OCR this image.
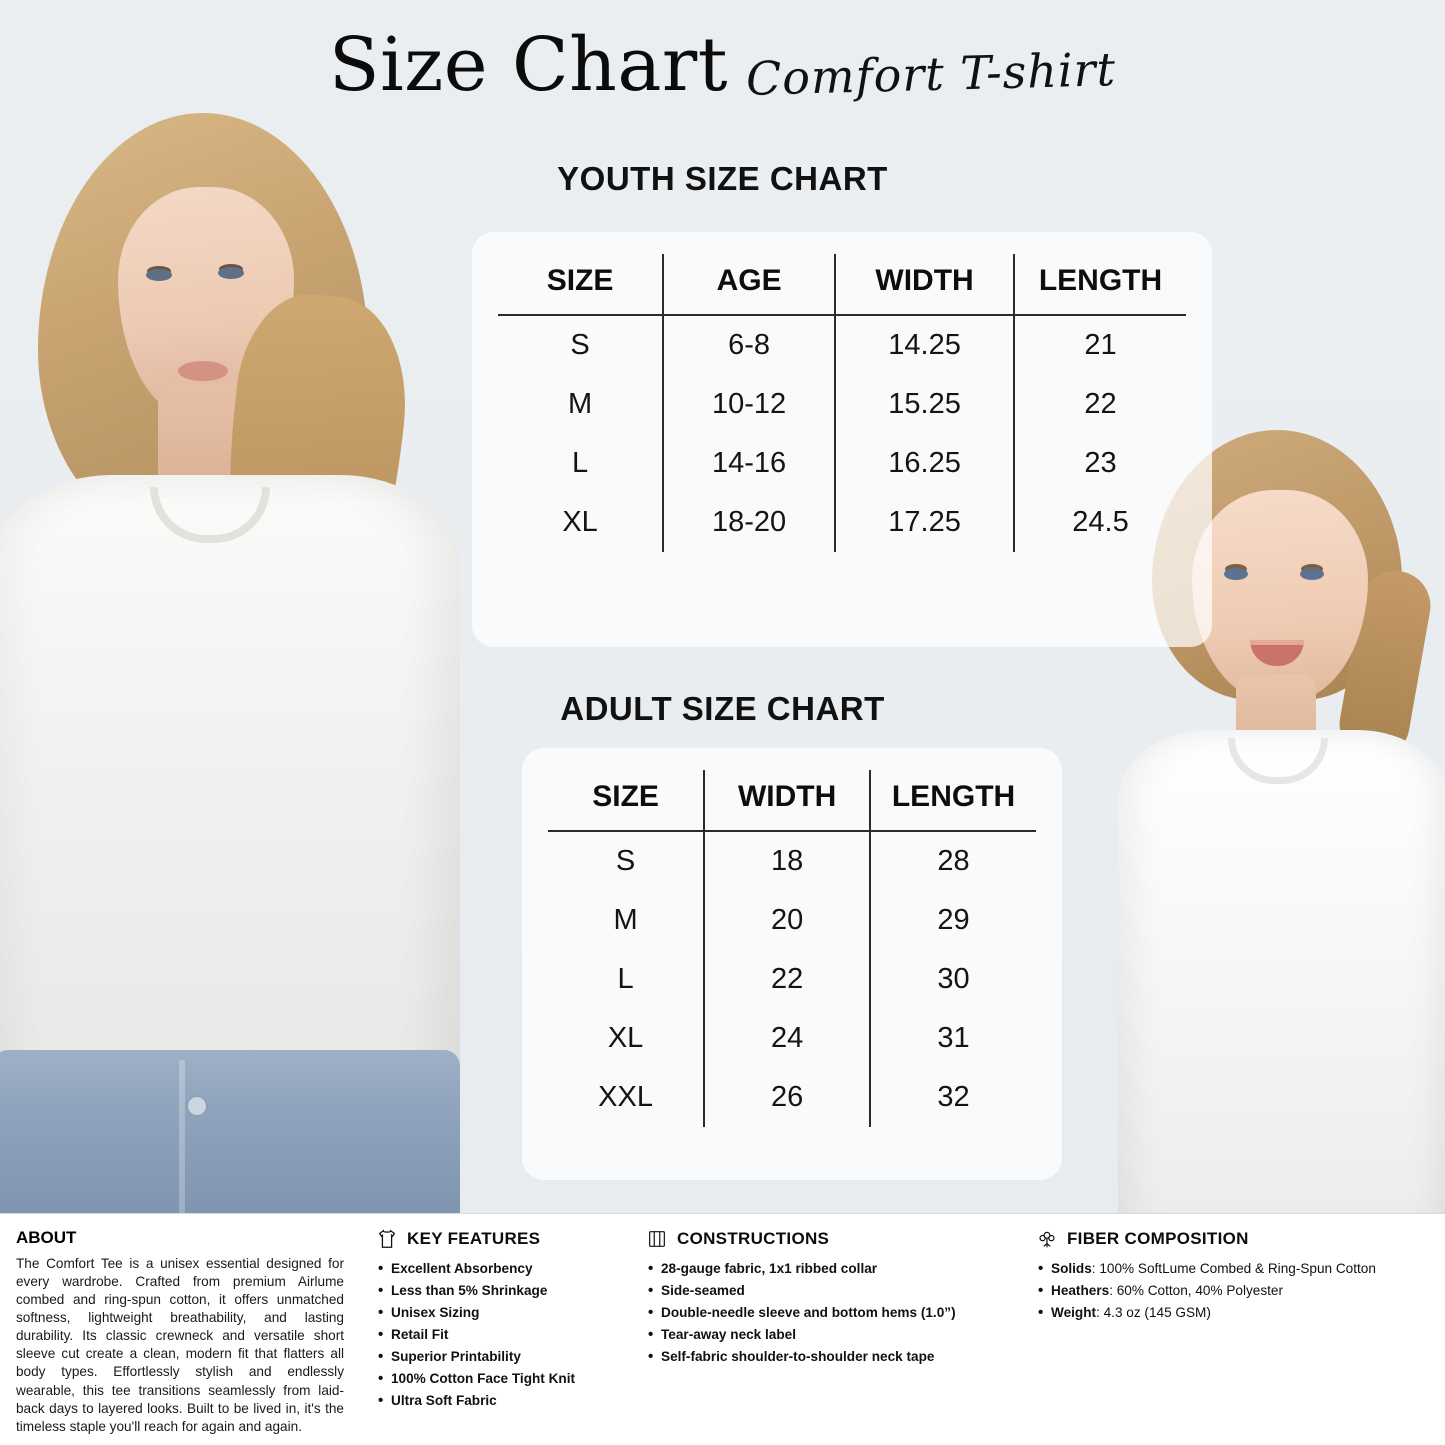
Size Chart Comfort T-shirt
YOUTH SIZE CHART
SIZE	AGE	WIDTH	LENGTH
S	6-8	14.25	21
M	10-12	15.25	22
L	14-16	16.25	23
XL	18-20	17.25	24.5
ADULT SIZE CHART
SIZE	WIDTH	LENGTH
S	18	28
M	20	29
L	22	30
XL	24	31
XXL	26	32
ABOUT
The Comfort Tee is a unisex essential designed for every wardrobe. Crafted from premium Airlume combed and ring-spun cotton, it offers unmatched softness, lightweight breathability, and lasting durability. Its classic crewneck and versatile short sleeve cut create a clean, modern fit that flatters all body types. Effortlessly stylish and endlessly wearable, this tee transitions seamlessly from laid-back days to layered looks. Built to be lived in, it's the timeless staple you'll reach for again and again.
KEY FEATURES
• Excellent Absorbency
• Less than 5% Shrinkage
• Unisex Sizing
• Retail Fit
• Superior Printability
• 100% Cotton Face Tight Knit
• Ultra Soft Fabric
CONSTRUCTIONS
• 28-gauge fabric, 1x1 ribbed collar
• Side-seamed
• Double-needle sleeve and bottom hems (1.0”)
• Tear-away neck label
• Self-fabric shoulder-to-shoulder neck tape
FIBER COMPOSITION
• Solids: 100% SoftLume Combed & Ring-Spun Cotton
• Heathers: 60% Cotton, 40% Polyester
• Weight: 4.3 oz (145 GSM)
